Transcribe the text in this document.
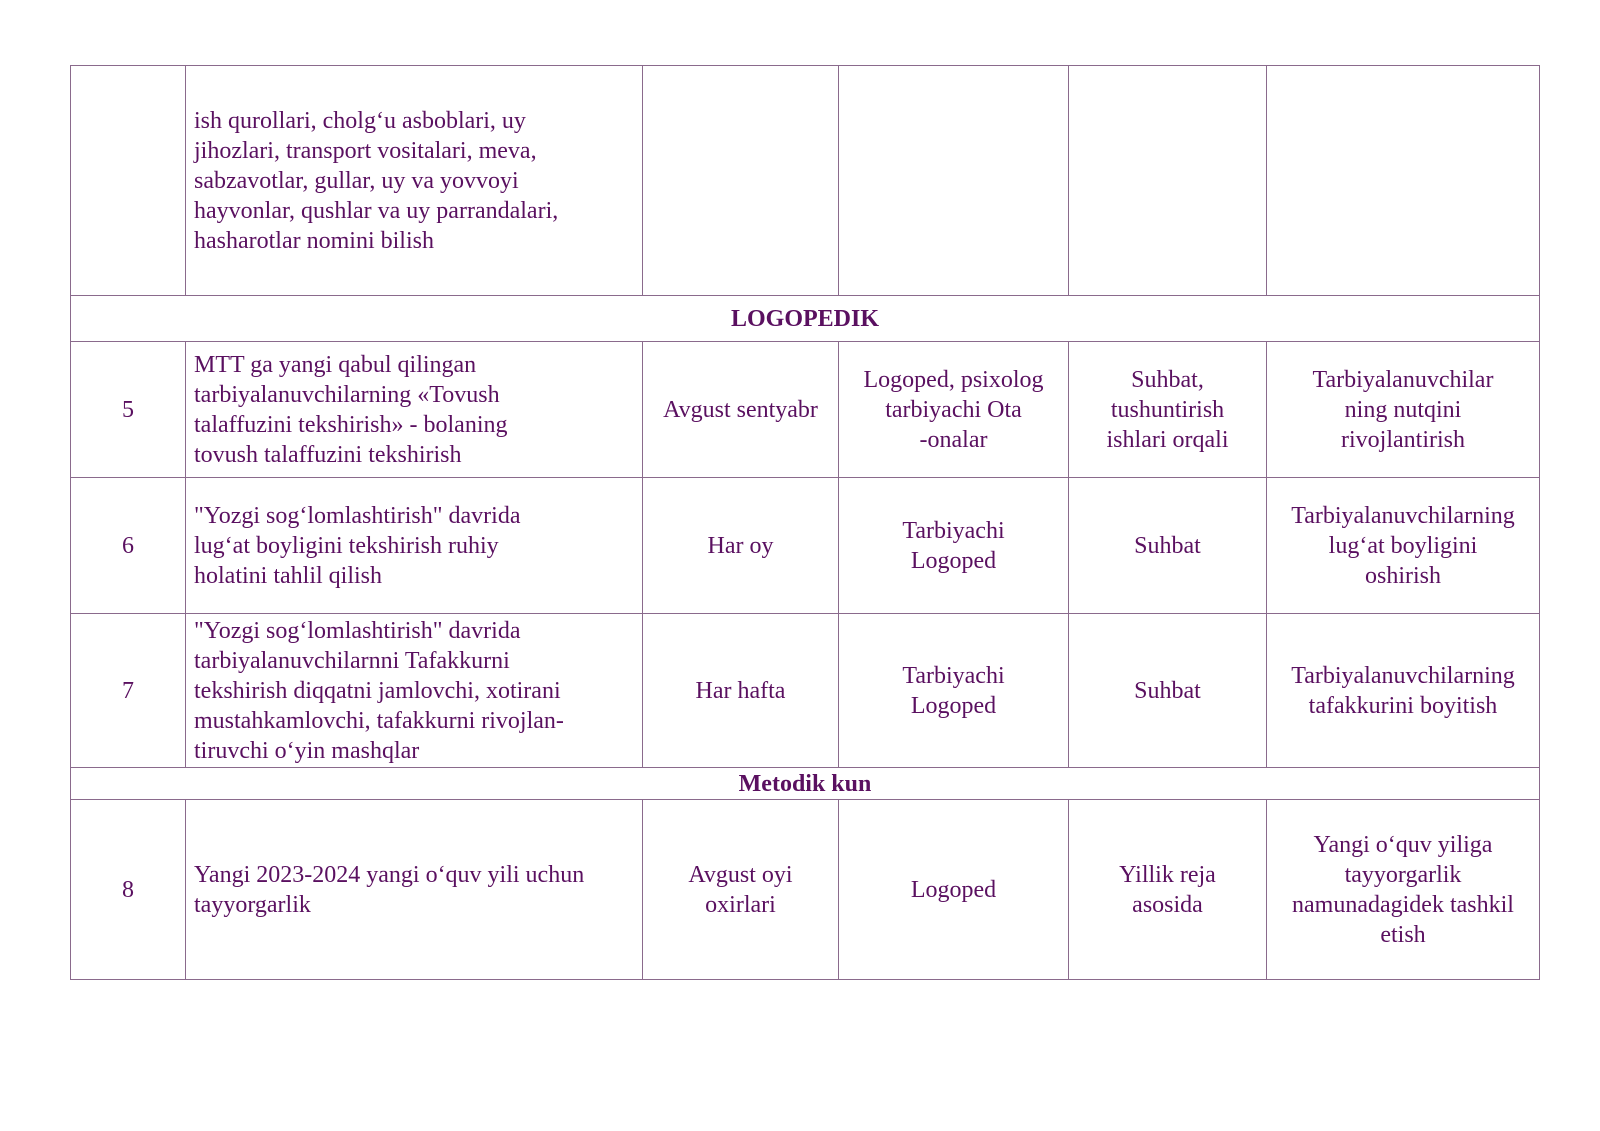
	ish qurollari, cholg‘u asboblari, uy
jihozlari, transport vositalari, meva,
sabzavotlar, gullar, uy va yovvoyi
hayvonlar, qushlar va uy parrandalari,
hasharotlar nomini bilish				

LOGOPEDIK					
5	MTT ga yangi qabul qilingan
tarbiyalanuvchilarning «Tovush
talaffuzini tekshirish» - bolaning
tovush talaffuzini tekshirish	Avgust sentyabr	Logoped, psixolog
tarbiyachi Ota
-onalar	Suhbat,
tushuntirish
ishlari orqali	Tarbiyalanuvchilar
ning nutqini
rivojlantirish

6	"Yozgi sog‘lomlashtirish" davrida
lug‘at boyligini tekshirish ruhiy
holatini tahlil qilish	Har oy	Tarbiyachi
Logoped	Suhbat	Tarbiyalanuvchilarning
lug‘at boyligini
oshirish

7	"Yozgi sog‘lomlashtirish" davrida
tarbiyalanuvchilarnni Tafakkurni
tekshirish diqqatni jamlovchi, xotirani
mustahkamlovchi, tafakkurni rivojlan-
tiruvchi o‘yin mashqlar	Har hafta	Tarbiyachi
Logoped	Suhbat	Tarbiyalanuvchilarning
tafakkurini boyitish

Metodik kun					
8	Yangi 2023-2024 yangi o‘quv yili uchun
tayyorgarlik	Avgust oyi
oxirlari	Logoped	Yillik reja
asosida	Yangi o‘quv yiliga
tayyorgarlik
namunadagidek tashkil
etish
